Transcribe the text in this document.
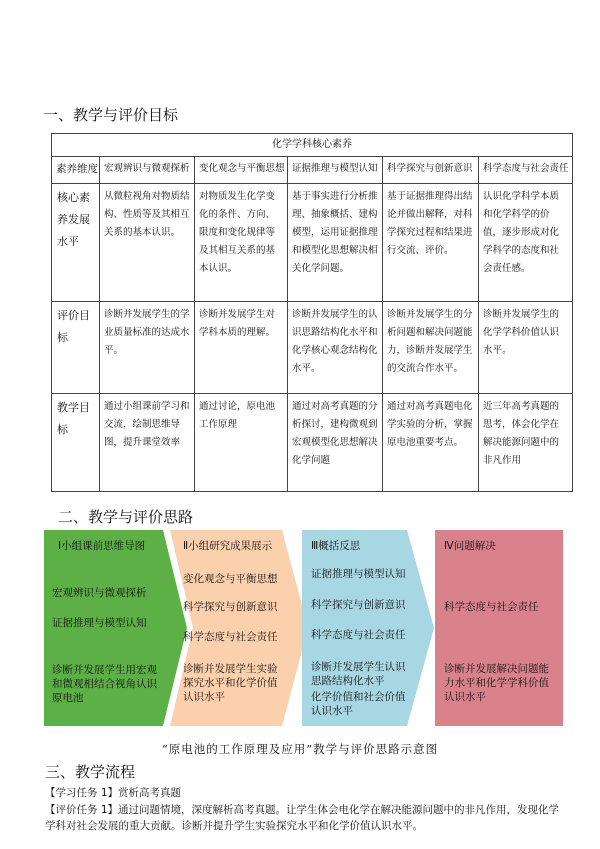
一、教学与评价目标
化学学科核心素养					
素养维度	宏观辨识与微观探析	变化观念与平衡思想	证据推理与模型认知	科学探究与创新意识	科学态度与社会责任
核心素养发展水平	从微粒视角对物质结构、性质等及其相互关系的基本认识。	对物质发生化学变化的条件、方向、限度和变化规律等及其相互关系的基本认识。	基于事实进行分析推理、抽象概括、建构模型，运用证据推理和模型化思想解决相关化学问题。	基于证据推理得出结论并做出解释，对科学探究过程和结果进行交流、评价。	认识化学科学本质和化学科学的价值，逐步形成对化学科学的态度和社会责任感。
评价目标	诊断并发展学生的学业质量标准的达成水平。	诊断并发展学生对学科本质的理解。	诊断并发展学生的认识思路结构化水平和化学核心观念结构化水平。	诊断并发展学生的分析问题和解决问题能力，诊断并发展学生的交流合作水平。	诊断并发展学生的化学学科价值认识水平。
教学目标	通过小组课前学习和交流，绘制思维导图，提升课堂效率	通过讨论，原电池工作原理	通过对高考真题的分析探讨，建构微观到宏观模型化思想解决化学问题	通过对高考真题电化学实验的分析，掌握原电池重要考点。	近三年高考真题的思考，体会化学在解决能源问题中的非凡作用
二、教学与评价思路
Ⅰ小组课前思维导图
宏观辨识与微观探析
证据推理与模型认知
诊断并发展学生用宏观和微观相结合视角认识原电池
Ⅱ小组研究成果展示
变化观念与平衡思想
科学探究与创新意识
科学态度与社会责任
诊断并发展学生实验探究水平和化学价值认识水平
Ⅲ概括反思
证据推理与模型认知
科学探究与创新意识
科学态度与社会责任
诊断并发展学生认识思路结构化水平
化学价值和社会价值认识水平
Ⅳ问题解决
科学态度与社会责任
诊断并发展解决问题能力水平和化学学科价值认识水平
“原电池的工作原理及应用”教学与评价思路示意图
三、教学流程
【学习任务 1】赏析高考真题
【评价任务 1】通过问题情境，深度解析高考真题。让学生体会电化学在解决能源问题中的非凡作用，发现化学
学科对社会发展的重大贡献。诊断并提升学生实验探究水平和化学价值认识水平。
